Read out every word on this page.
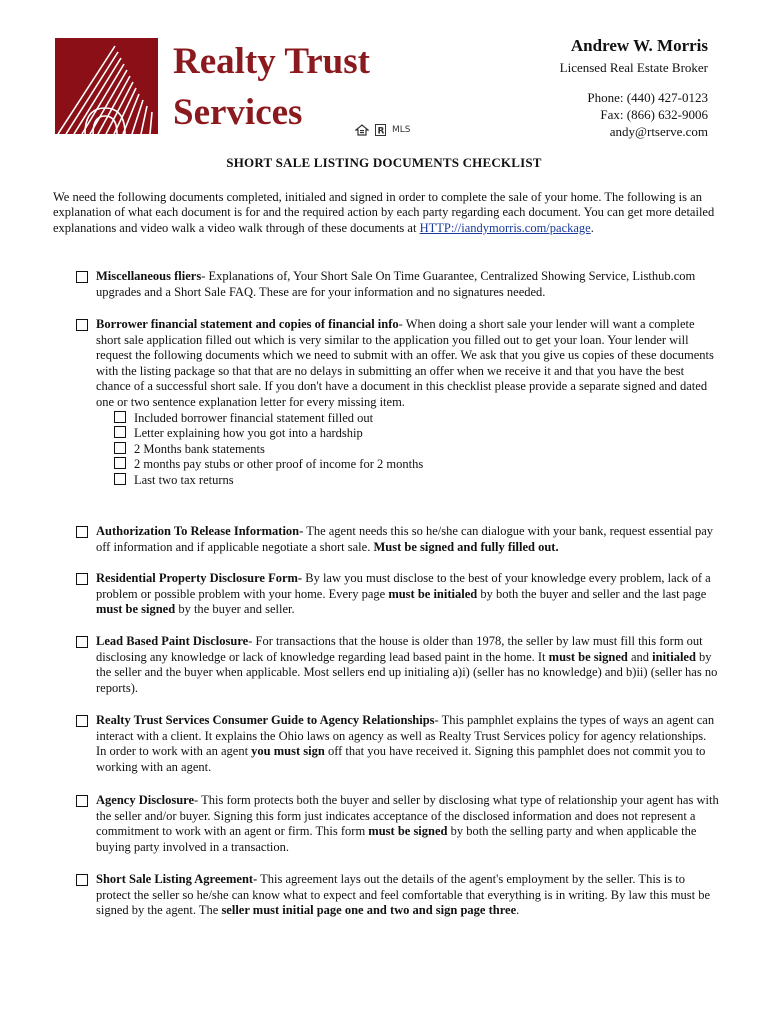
Realty Trust
Services	R MLS
Andrew W. Morris
Licensed Real Estate Broker
Phone: (440) 427-0123
Fax: (866) 632-9006
andy@rtserve.com
SHORT SALE LISTING DOCUMENTS CHECKLIST
We need the following documents completed, initialed and signed in order to complete the sale of your home. The following is an explanation of what each document is for and the required action by each party regarding each document. You can get more detailed explanations and video walk a video walk through of these documents at HTTP://iandymorris.com/package.
Miscellaneous fliers- Explanations of, Your Short Sale On Time Guarantee, Centralized Showing Service, Listhub.com upgrades and a Short Sale FAQ. These are for your information and no signatures needed.
Borrower financial statement and copies of financial info- When doing a short sale your lender will want a complete short sale application filled out which is very similar to the application you filled out to get your loan. Your lender will request the following documents which we need to submit with an offer. We ask that you give us copies of these documents with the listing package so that that are no delays in submitting an offer when we receive it and that you have the best chance of a successful short sale. If you don't have a document in this checklist please provide a separate signed and dated one or two sentence explanation letter for every missing item.
Included borrower financial statement filled out
Letter explaining how you got into a hardship
2 Months bank statements
2 months pay stubs or other proof of income for 2 months
Last two tax returns
Authorization To Release Information- The agent needs this so he/she can dialogue with your bank, request essential pay off information and if applicable negotiate a short sale. Must be signed and fully filled out.
Residential Property Disclosure Form- By law you must disclose to the best of your knowledge every problem, lack of a problem or possible problem with your home. Every page must be initialed by both the buyer and seller and the last page must be signed by the buyer and seller.
Lead Based Paint Disclosure- For transactions that the house is older than 1978, the seller by law must fill this form out disclosing any knowledge or lack of knowledge regarding lead based paint in the home. It must be signed and initialed by the seller and the buyer when applicable. Most sellers end up initialing a)i) (seller has no knowledge) and b)ii) (seller has no reports).
Realty Trust Services Consumer Guide to Agency Relationships- This pamphlet explains the types of ways an agent can interact with a client. It explains the Ohio laws on agency as well as Realty Trust Services policy for agency relationships. In order to work with an agent you must sign off that you have received it. Signing this pamphlet does not commit you to working with an agent.
Agency Disclosure- This form protects both the buyer and seller by disclosing what type of relationship your agent has with the seller and/or buyer. Signing this form just indicates acceptance of the disclosed information and does not represent a commitment to work with an agent or firm. This form must be signed by both the selling party and when applicable the buying party involved in a transaction.
Short Sale Listing Agreement- This agreement lays out the details of the agent's employment by the seller. This is to protect the seller so he/she can know what to expect and feel comfortable that everything is in writing. By law this must be signed by the agent. The seller must initial page one and two and sign page three.
